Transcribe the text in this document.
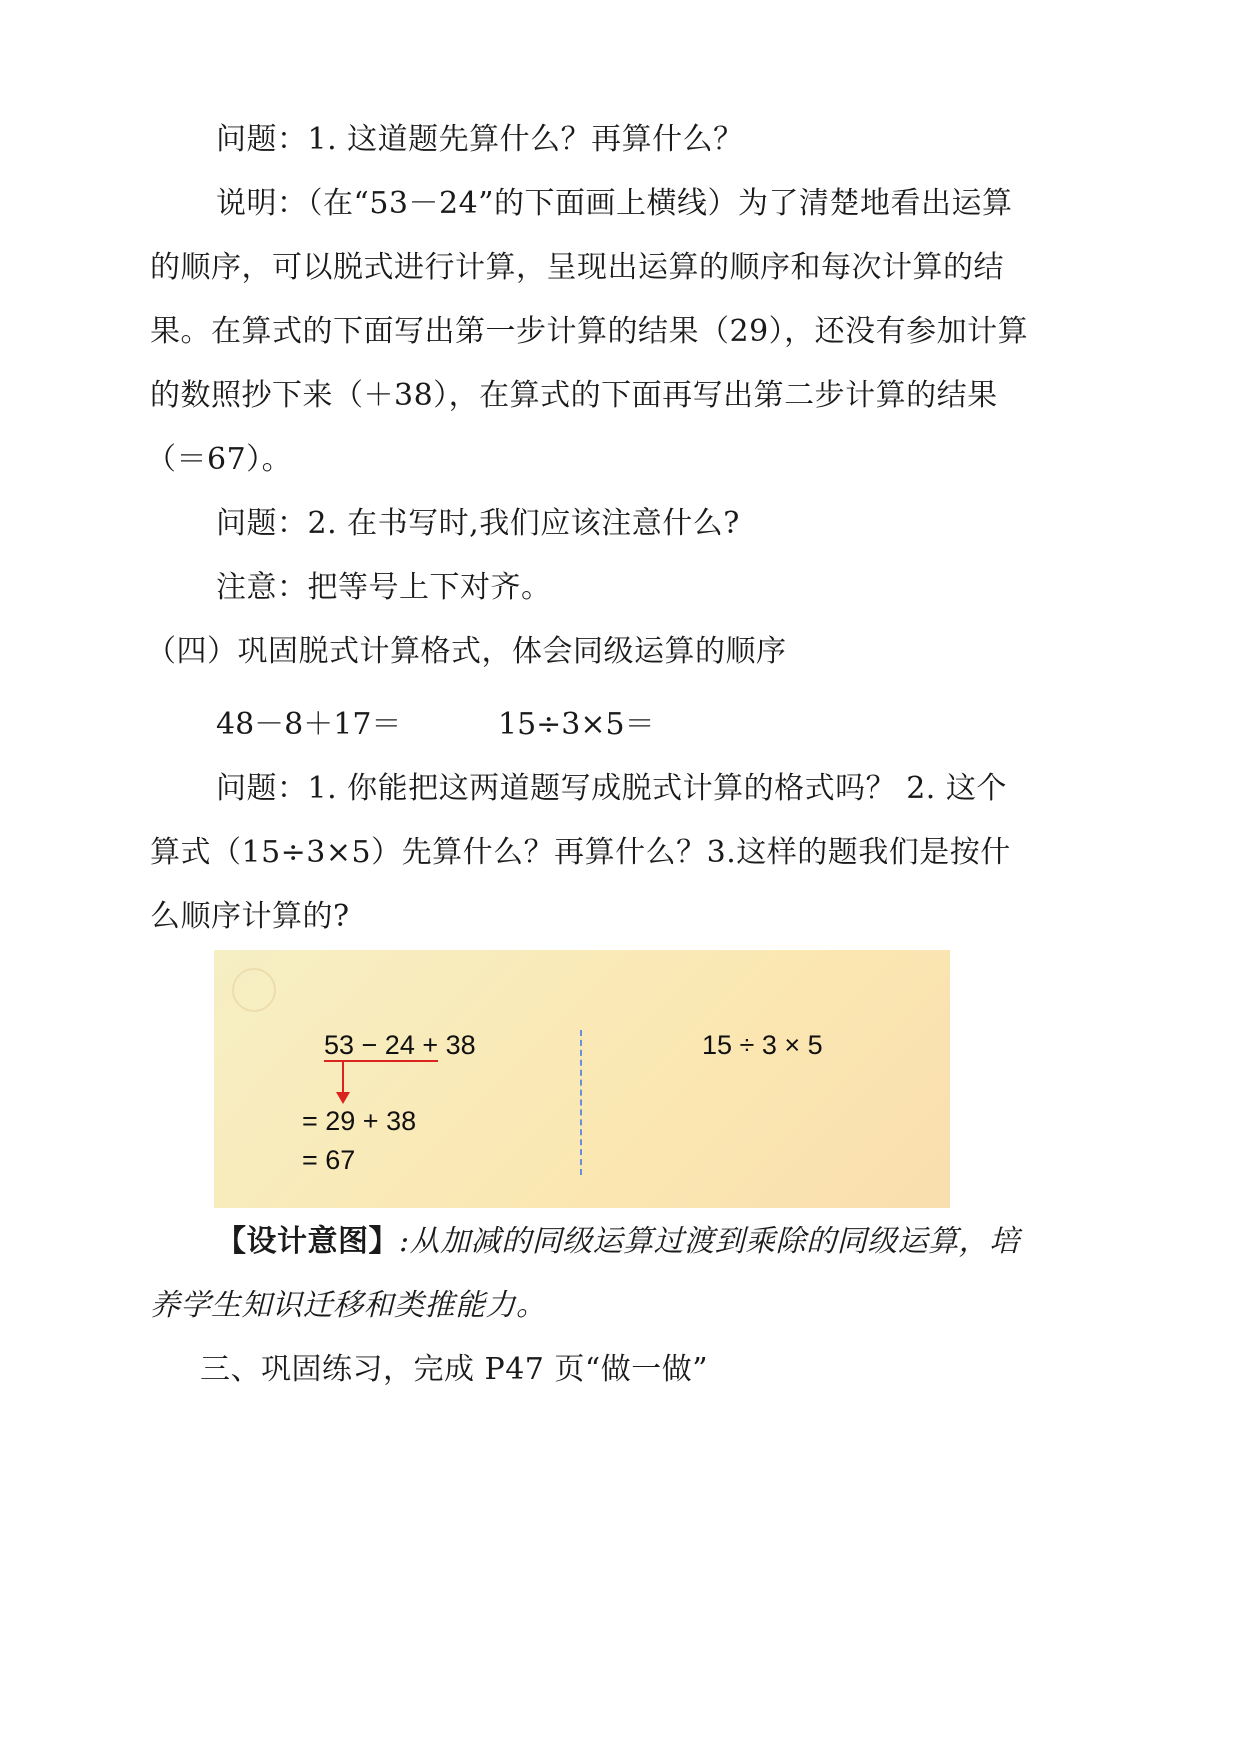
问题：1. 这道题先算什么？再算什么？
说明：（在“53－24”的下面画上横线）为了清楚地看出运算
的顺序，可以脱式进行计算，呈现出运算的顺序和每次计算的结
果。在算式的下面写出第一步计算的结果（29），还没有参加计算
的数照抄下来（＋38），在算式的下面再写出第二步计算的结果
（＝67）。
问题：2. 在书写时,我们应该注意什么?
注意：把等号上下对齐。
（四）巩固脱式计算格式，体会同级运算的顺序
48－8＋17＝	15÷3×5＝
问题：1. 你能把这两道题写成脱式计算的格式吗？ 2. 这个
算式（15÷3×5）先算什么？再算什么？3.这样的题我们是按什
么顺序计算的?
53 − 24 + 38
= 29 + 38
= 67
15 ÷ 3 × 5
【设计意图】:从加减的同级运算过渡到乘除的同级运算，培
养学生知识迁移和类推能力。
三、巩固练习，完成 P47 页“做一做”
